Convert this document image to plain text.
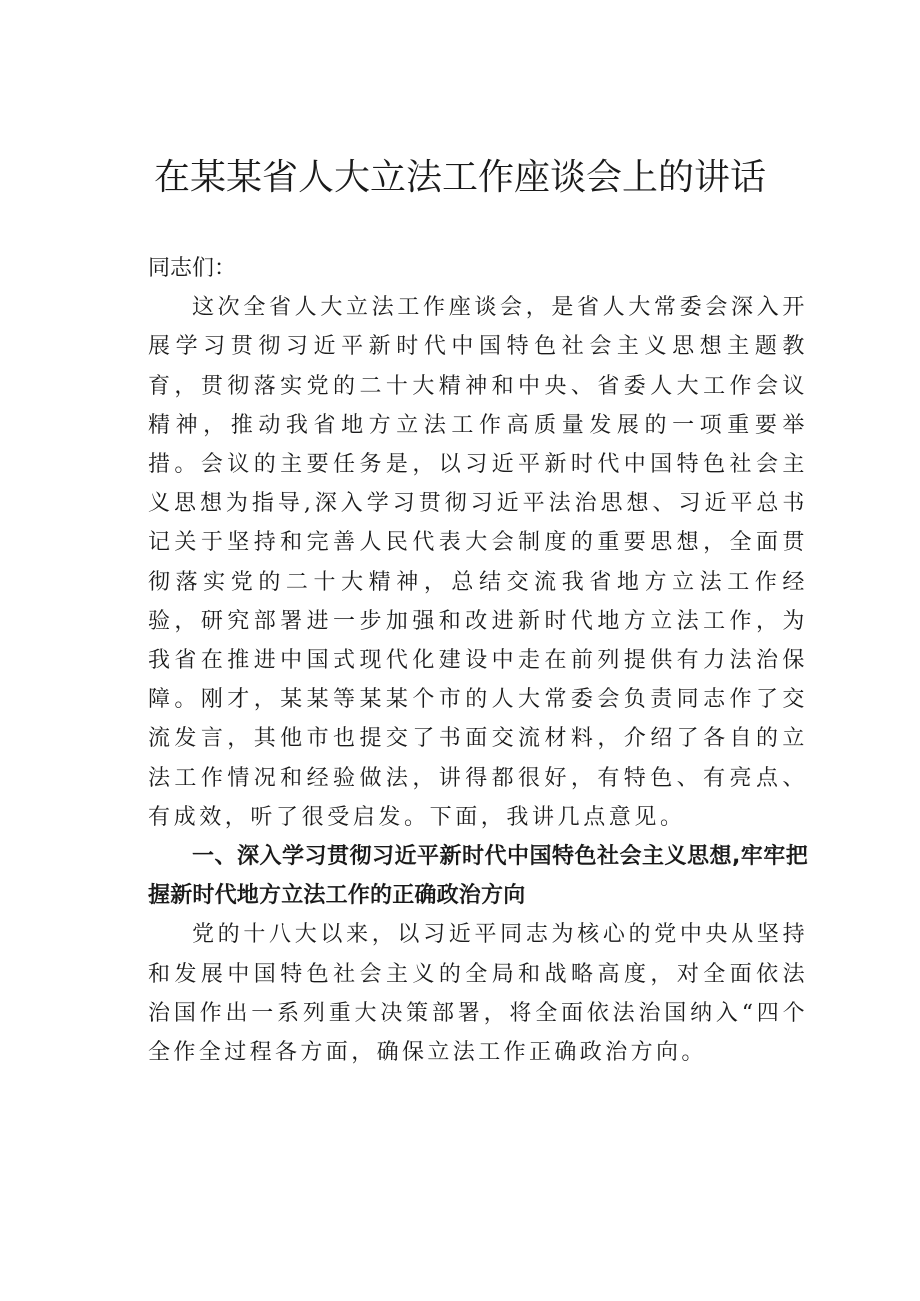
在某某省人大立法工作座谈会上的讲话

同志们：

这次全省人大立法工作座谈会，是省人大常委会深入开展学习贯彻习近平新时代中国特色社会主义思想主题教育，贯彻落实党的二十大精神和中央、省委人大工作会议精神，推动我省地方立法工作高质量发展的一项重要举措。会议的主要任务是，以习近平新时代中国特色社会主义思想为指导,深入学习贯彻习近平法治思想、习近平总书记关于坚持和完善人民代表大会制度的重要思想，全面贯彻落实党的二十大精神，总结交流我省地方立法工作经验，研究部署进一步加强和改进新时代地方立法工作，为我省在推进中国式现代化建设中走在前列提供有力法治保障。刚才，某某等某某个市的人大常委会负责同志作了交流发言，其他市也提交了书面交流材料，介绍了各自的立法工作情况和经验做法，讲得都很好，有特色、有亮点、有成效，听了很受启发。下面，我讲几点意见。

一、深入学习贯彻习近平新时代中国特色社会主义思想,牢牢把握新时代地方立法工作的正确政治方向

党的十八大以来，以习近平同志为核心的党中央从坚持和发展中国特色社会主义的全局和战略高度，对全面依法治国作出一系列重大决策部署，将全面依法治国纳入“四个全作全过程各方面，确保立法工作正确政治方向。
